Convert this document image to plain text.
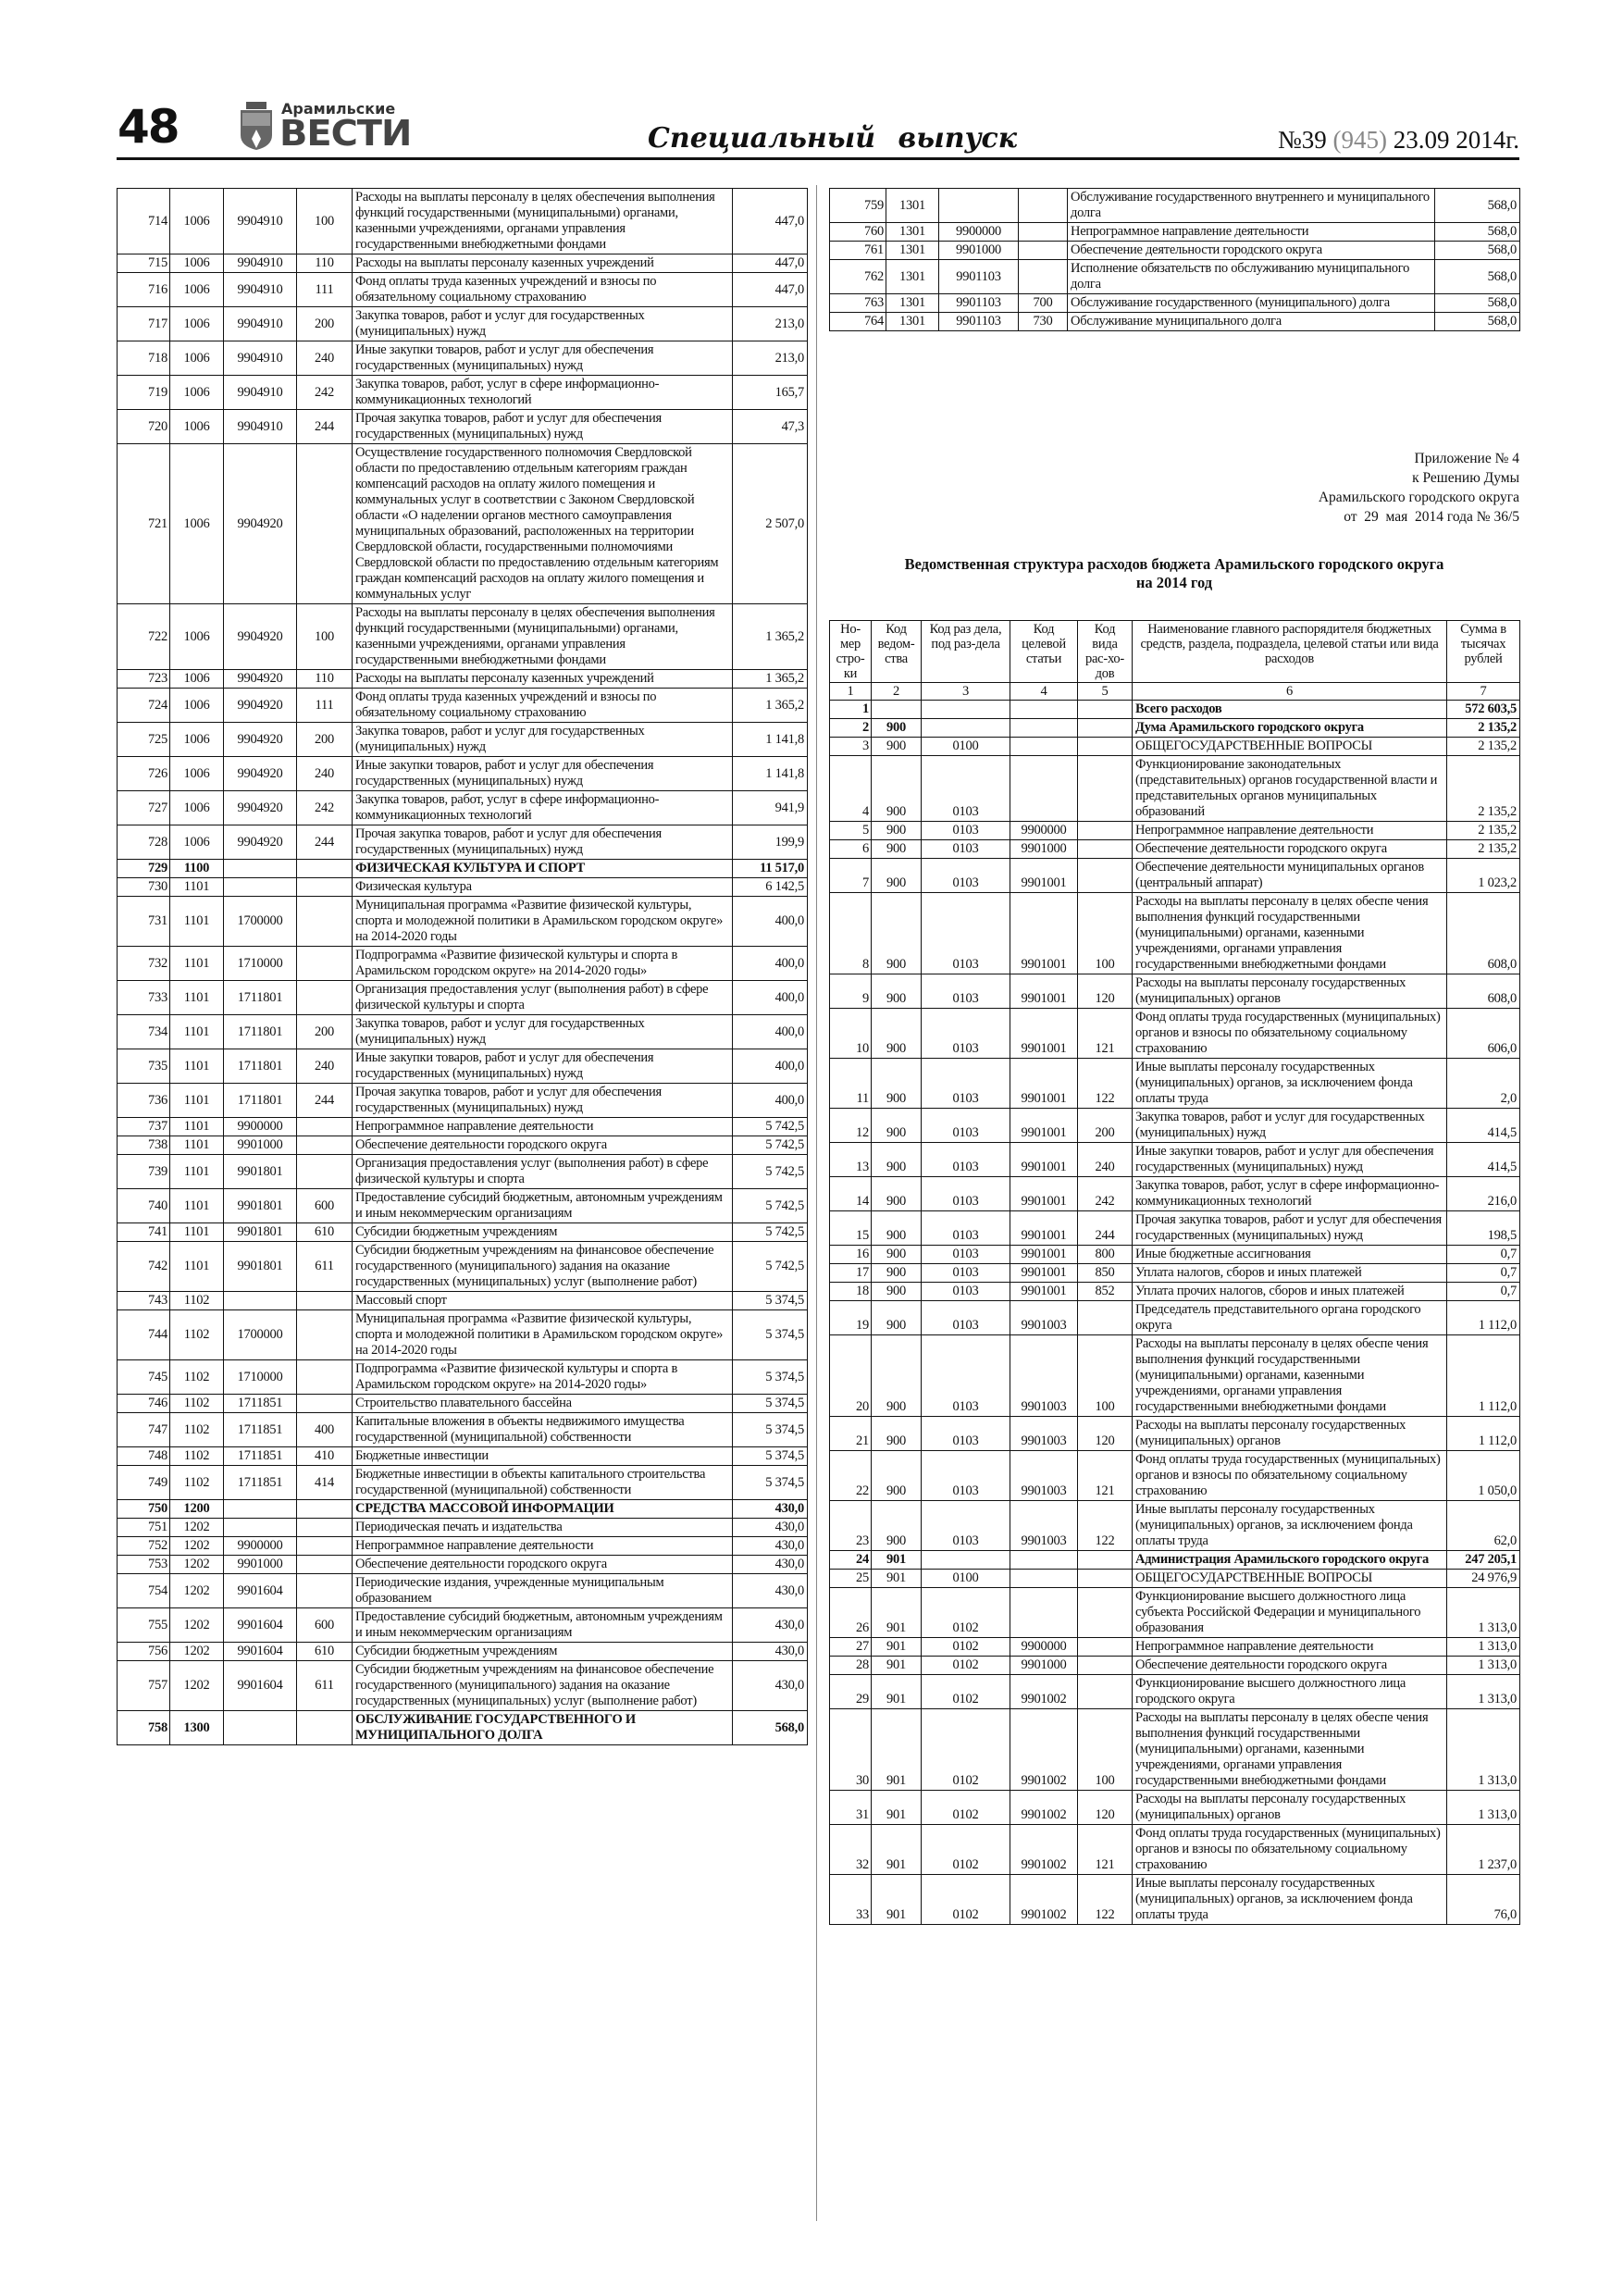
48	Арамильские
ВЕСТИ	Специальный выпуск	№39 (945) 23.09 2014г.
714	1006	9904910	100	Расходы на выплаты персоналу в целях обеспечения выполнения функций государственными (муниципальными) органами, казенными учреждениями, органами управления государственными внебюджетными фондами	447,0
715	1006	9904910	110	Расходы на выплаты персоналу казенных учреждений	447,0
716	1006	9904910	111	Фонд оплаты труда казенных учреждений и взносы по обязательному социальному страхованию	447,0
717	1006	9904910	200	Закупка товаров, работ и услуг для государственных (муниципальных) нужд	213,0
718	1006	9904910	240	Иные закупки товаров, работ и услуг для обеспечения государственных (муниципальных) нужд	213,0
719	1006	9904910	242	Закупка товаров, работ, услуг в сфере информационно-коммуникационных технологий	165,7
720	1006	9904910	244	Прочая закупка товаров, работ и услуг для обеспечения государственных (муниципальных) нужд	47,3
721	1006	9904920		Осуществление государственного полномочия Свердловской области по предоставлению отдельным категориям граждан компенсаций расходов на оплату жилого помещения и коммунальных услуг в соответствии с Законом Свердловской области «О наделении органов местного самоуправления муниципальных образований, расположенных на территории Свердловской области, государственными полномочиями Свердловской области по предоставлению отдельным категориям граждан компенсаций расходов на оплату жилого помещения и коммунальных услуг	2 507,0
722	1006	9904920	100	Расходы на выплаты персоналу в целях обеспечения выполнения функций государственными (муниципальными) органами, казенными учреждениями, органами управления государственными внебюджетными фондами	1 365,2
723	1006	9904920	110	Расходы на выплаты персоналу казенных учреждений	1 365,2
724	1006	9904920	111	Фонд оплаты труда казенных учреждений и взносы по обязательному социальному страхованию	1 365,2
725	1006	9904920	200	Закупка товаров, работ и услуг для государственных (муниципальных) нужд	1 141,8
726	1006	9904920	240	Иные закупки товаров, работ и услуг для обеспечения государственных (муниципальных) нужд	1 141,8
727	1006	9904920	242	Закупка товаров, работ, услуг в сфере информационно-коммуникационных технологий	941,9
728	1006	9904920	244	Прочая закупка товаров, работ и услуг для обеспечения государственных (муниципальных) нужд	199,9
729	1100			ФИЗИЧЕСКАЯ КУЛЬТУРА И СПОРТ	11 517,0
730	1101			Физическая культура	6 142,5
731	1101	1700000		Муниципальная программа «Развитие физической культуры, спорта и молодежной политики в Арамильском городском округе» на 2014-2020 годы	400,0
732	1101	1710000		Подпрограмма «Развитие физической культуры и спорта в Арамильском городском округе» на 2014-2020 годы»	400,0
733	1101	1711801		Организация предоставления услуг (выполнения работ) в сфере физической культуры и спорта	400,0
734	1101	1711801	200	Закупка товаров, работ и услуг для государственных (муниципальных) нужд	400,0
735	1101	1711801	240	Иные закупки товаров, работ и услуг для обеспечения государственных (муниципальных) нужд	400,0
736	1101	1711801	244	Прочая закупка товаров, работ и услуг для обеспечения государственных (муниципальных) нужд	400,0
737	1101	9900000		Непрограммное направление деятельности	5 742,5
738	1101	9901000		Обеспечение деятельности городского округа	5 742,5
739	1101	9901801		Организация предоставления услуг (выполнения работ) в сфере физической культуры и спорта	5 742,5
740	1101	9901801	600	Предоставление субсидий бюджетным, автономным учреждениям и иным некоммерческим организациям	5 742,5
741	1101	9901801	610	Субсидии бюджетным учреждениям	5 742,5
742	1101	9901801	611	Субсидии бюджетным учреждениям на финансовое обеспечение государственного (муниципального) задания на оказание государственных (муниципальных) услуг (выполнение работ)	5 742,5
743	1102			Массовый спорт	5 374,5
744	1102	1700000		Муниципальная программа «Развитие физической культуры, спорта и молодежной политики в Арамильском городском округе» на 2014-2020 годы	5 374,5
745	1102	1710000		Подпрограмма «Развитие физической культуры и спорта в Арамильском городском округе» на 2014-2020 годы»	5 374,5
746	1102	1711851		Строительство плавательного бассейна	5 374,5
747	1102	1711851	400	Капитальные вложения в объекты недвижимого имущества государственной (муниципальной) собственности	5 374,5
748	1102	1711851	410	Бюджетные инвестиции	5 374,5
749	1102	1711851	414	Бюджетные инвестиции в объекты капитального строительства государственной (муниципальной) собственности	5 374,5
750	1200			СРЕДСТВА МАССОВОЙ ИНФОРМАЦИИ	430,0
751	1202			Периодическая печать и издательства	430,0
752	1202	9900000		Непрограммное направление деятельности	430,0
753	1202	9901000		Обеспечение деятельности городского округа	430,0
754	1202	9901604		Периодические издания, учрежденные муниципальным образованием	430,0
755	1202	9901604	600	Предоставление субсидий бюджетным, автономным учреждениям и иным некоммерческим организациям	430,0
756	1202	9901604	610	Субсидии бюджетным учреждениям	430,0
757	1202	9901604	611	Субсидии бюджетным учреждениям на финансовое обеспечение государственного (муниципального) задания на оказание государственных (муниципальных) услуг (выполнение работ)	430,0
758	1300			ОБСЛУЖИВАНИЕ ГОСУДАРСТВЕННОГО И МУНИЦИПАЛЬНОГО ДОЛГА	568,0
759	1301			Обслуживание государственного внутреннего и муниципального долга	568,0
760	1301	9900000		Непрограммное направление деятельности	568,0
761	1301	9901000		Обеспечение деятельности городского округа	568,0
762	1301	9901103		Исполнение обязательств по обслуживанию муниципального долга	568,0
763	1301	9901103	700	Обслуживание государственного (муниципального) долга	568,0
764	1301	9901103	730	Обслуживание муниципального долга	568,0
Приложение № 4
к Решению Думы
Арамильского городского округа
от  29  мая  2014 года № 36/5
Ведомственная структура расходов бюджета Арамильского городского округа
на 2014 год
Но-мер стро-ки	Код ведом-ства	Код раз дела, под раз-дела	Код целевой статьи	Код вида рас-хо-дов	Наименование главного распорядителя бюджетных средств, раздела, подраздела, целевой статьи или вида расходов	Сумма в тысячах рублей
1	2	3	4	5	6	7
1					Всего расходов	572 603,5
2	900				Дума Арамильского городского округа	2 135,2
3	900	0100			ОБЩЕГОСУДАРСТВЕННЫЕ ВОПРОСЫ	2 135,2
4	900	0103			Функционирование законодательных (представительных) органов государственной власти и представительных органов муниципальных образований	2 135,2
5	900	0103	9900000		Непрограммное направление деятельности	2 135,2
6	900	0103	9901000		Обеспечение деятельности городского округа	2 135,2
7	900	0103	9901001		Обеспечение деятельности муниципальных органов (центральный аппарат)	1 023,2
8	900	0103	9901001	100	Расходы на выплаты персоналу в целях обеспе чения выполнения функций государственными (муниципальными) органами, казенными учреждениями, органами управления государственными внебюджетными фондами	608,0
9	900	0103	9901001	120	Расходы на выплаты персоналу государственных (муниципальных) органов	608,0
10	900	0103	9901001	121	Фонд оплаты труда государственных (муниципальных) органов и взносы по обязательному социальному страхованию	606,0
11	900	0103	9901001	122	Иные выплаты персоналу государственных (муниципальных) органов, за исключением фонда оплаты труда	2,0
12	900	0103	9901001	200	Закупка товаров, работ и услуг для государственных (муниципальных) нужд	414,5
13	900	0103	9901001	240	Иные закупки товаров, работ и услуг для обеспечения государственных (муниципальных) нужд	414,5
14	900	0103	9901001	242	Закупка товаров, работ, услуг в сфере информационно-коммуникационных технологий	216,0
15	900	0103	9901001	244	Прочая закупка товаров, работ и услуг для обеспечения государственных (муниципальных) нужд	198,5
16	900	0103	9901001	800	Иные бюджетные ассигнования	0,7
17	900	0103	9901001	850	Уплата налогов, сборов и иных платежей	0,7
18	900	0103	9901001	852	Уплата прочих налогов, сборов и иных платежей	0,7
19	900	0103	9901003		Председатель представительного органа городского округа	1 112,0
20	900	0103	9901003	100	Расходы на выплаты персоналу в целях обеспе чения выполнения функций государственными (муниципальными) органами, казенными учреждениями, органами управления государственными внебюджетными фондами	1 112,0
21	900	0103	9901003	120	Расходы на выплаты персоналу государственных (муниципальных) органов	1 112,0
22	900	0103	9901003	121	Фонд оплаты труда государственных (муниципальных) органов и взносы по обязательному социальному страхованию	1 050,0
23	900	0103	9901003	122	Иные выплаты персоналу государственных (муниципальных) органов, за исключением фонда оплаты труда	62,0
24	901				Администрация Арамильского городского округа	247 205,1
25	901	0100			ОБЩЕГОСУДАРСТВЕННЫЕ ВОПРОСЫ	24 976,9
26	901	0102			Функционирование высшего должностного лица субъекта Российской Федерации и муниципального образования	1 313,0
27	901	0102	9900000		Непрограммное направление деятельности	1 313,0
28	901	0102	9901000		Обеспечение деятельности городского округа	1 313,0
29	901	0102	9901002		Функционирование высшего должностного лица городского округа	1 313,0
30	901	0102	9901002	100	Расходы на выплаты персоналу в целях обеспе чения выполнения функций государственными (муниципальными) органами, казенными учреждениями, органами управления государственными внебюджетными фондами	1 313,0
31	901	0102	9901002	120	Расходы на выплаты персоналу государственных (муниципальных) органов	1 313,0
32	901	0102	9901002	121	Фонд оплаты труда государственных (муниципальных) органов и взносы по обязательному социальному страхованию	1 237,0
33	901	0102	9901002	122	Иные выплаты персоналу государственных (муниципальных) органов, за исключением фонда оплаты труда	76,0
